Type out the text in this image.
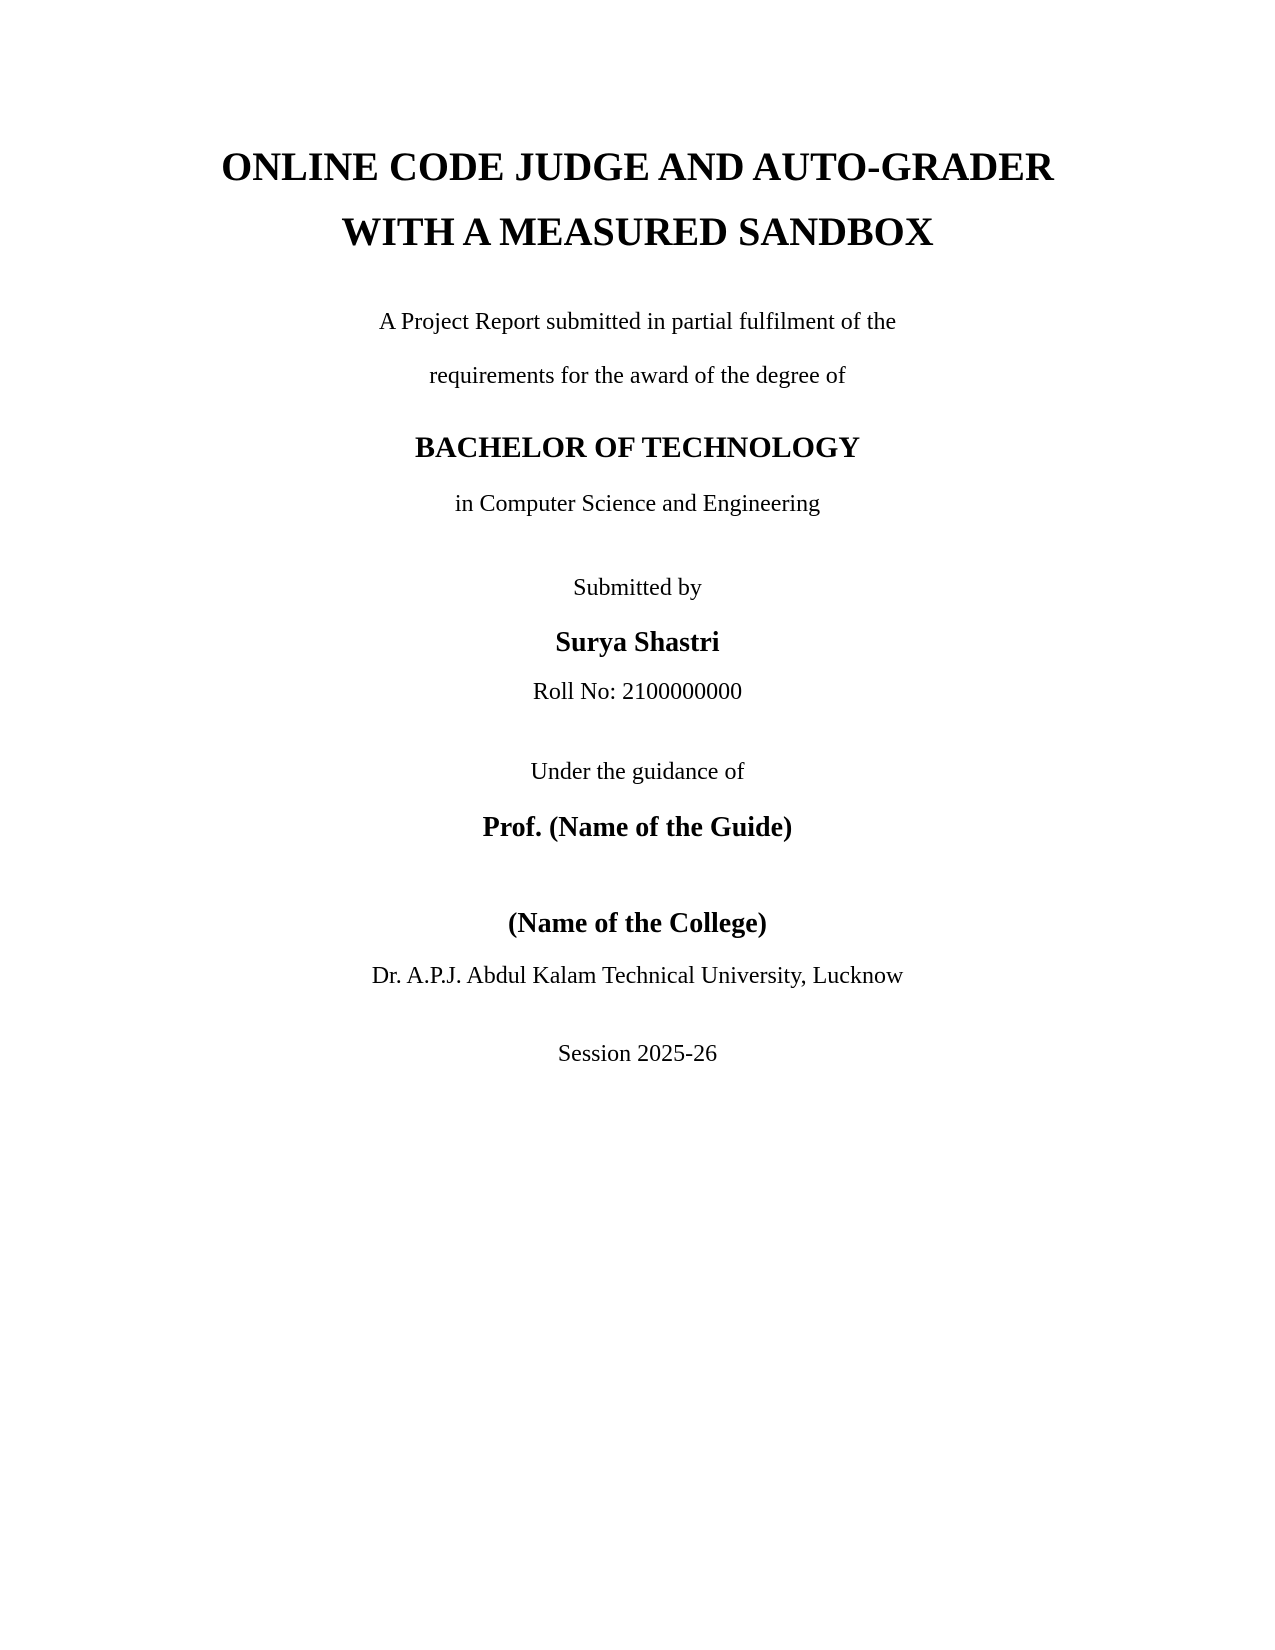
ONLINE CODE JUDGE AND AUTO-GRADER
WITH A MEASURED SANDBOX

A Project Report submitted in partial fulfilment of the

requirements for the award of the degree of

BACHELOR OF TECHNOLOGY

in Computer Science and Engineering

Submitted by

Surya Shastri

Roll No: 2100000000

Under the guidance of

Prof. (Name of the Guide)

(Name of the College)

Dr. A.P.J. Abdul Kalam Technical University, Lucknow

Session 2025-26
